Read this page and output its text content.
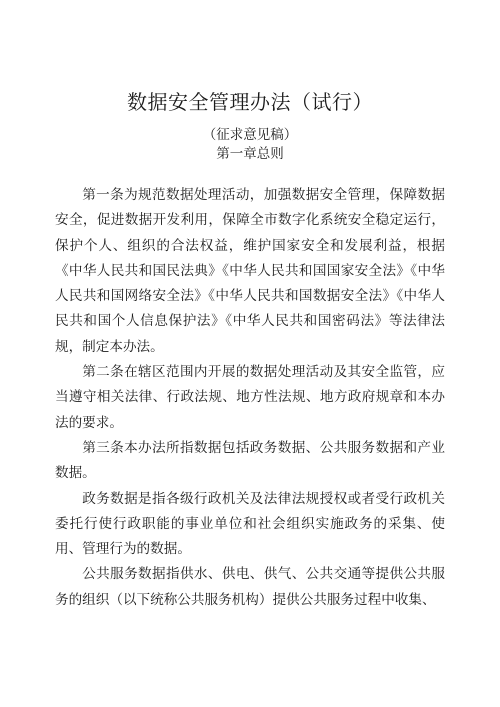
数据安全管理办法（试行）
（征求意见稿）
第一章总则

第一条为规范数据处理活动，加强数据安全管理，保障数据安全，促进数据开发利用，保障全市数字化系统安全稳定运行，保护个人、组织的合法权益，维护国家安全和发展利益，根据《中华人民共和国民法典》《中华人民共和国国家安全法》《中华人民共和国网络安全法》《中华人民共和国数据安全法》《中华人民共和国个人信息保护法》《中华人民共和国密码法》等法律法规，制定本办法。

第二条在辖区范围内开展的数据处理活动及其安全监管，应当遵守相关法律、行政法规、地方性法规、地方政府规章和本办法的要求。

第三条本办法所指数据包括政务数据、公共服务数据和产业数据。

政务数据是指各级行政机关及法律法规授权或者受行政机关委托行使行政职能的事业单位和社会组织实施政务的采集、使用、管理行为的数据。

公共服务数据指供水、供电、供气、公共交通等提供公共服务的组织（以下统称公共服务机构）提供公共服务过程中收集、
